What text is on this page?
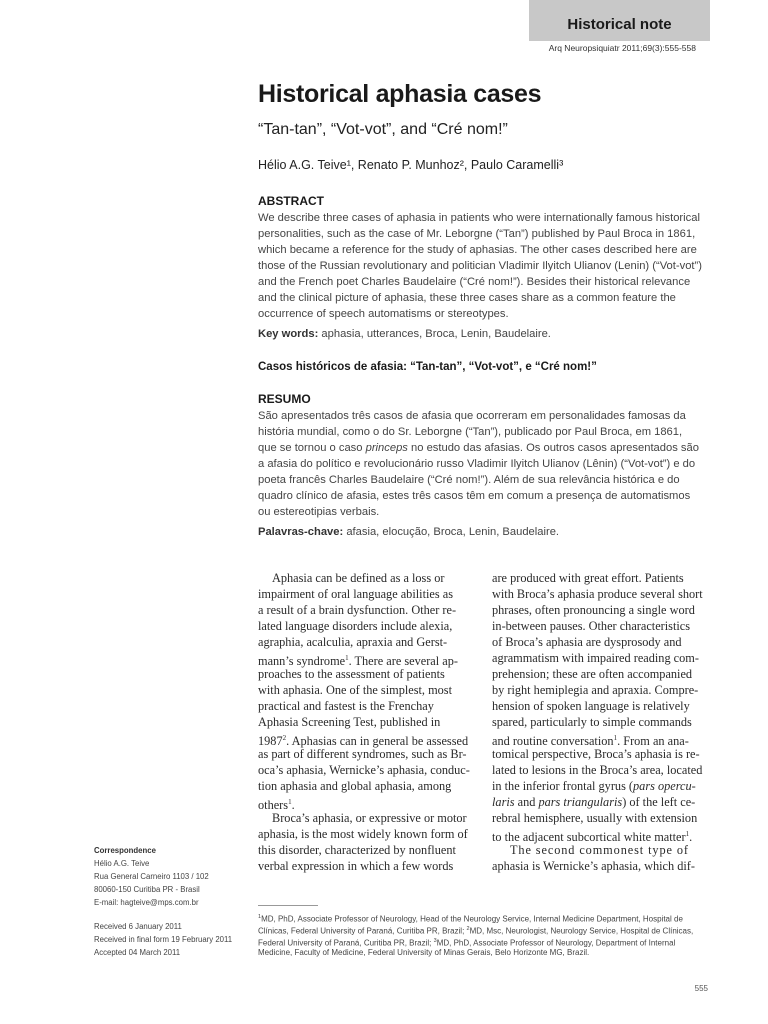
Historical note
Arq Neuropsiquiatr 2011;69(3):555-558
Historical aphasia cases
“Tan-tan”, “Vot-vot”, and “Cré nom!”
Hélio A.G. Teive¹, Renato P. Munhoz², Paulo Caramelli³
ABSTRACT
We describe three cases of aphasia in patients who were internationally famous historical
personalities, such as the case of Mr. Leborgne (“Tan”) published by Paul Broca in 1861,
which became a reference for the study of aphasias. The other cases described here are
those of the Russian revolutionary and politician Vladimir Ilyitch Ulianov (Lenin) (“Vot-vot”)
and the French poet Charles Baudelaire (“Cré nom!”). Besides their historical relevance
and the clinical picture of aphasia, these three cases share as a common feature the
occurrence of speech automatisms or stereotypes.
Key words: aphasia, utterances, Broca, Lenin, Baudelaire.
Casos históricos de afasia: “Tan-tan”, “Vot-vot”, e “Cré nom!”
RESUMO
São apresentados três casos de afasia que ocorreram em personalidades famosas da
história mundial, como o do Sr. Leborgne (“Tan”), publicado por Paul Broca, em 1861,
que se tornou o caso princeps no estudo das afasias. Os outros casos apresentados são
a afasia do político e revolucionário russo Vladimir Ilyitch Ulianov (Lênin) (“Vot-vot”) e do
poeta francês Charles Baudelaire (“Cré nom!”). Além de sua relevância histórica e do
quadro clínico de afasia, estes três casos têm em comum a presença de automatismos
ou estereotipias verbais.
Palavras-chave: afasia, elocução, Broca, Lenin, Baudelaire.
Aphasia can be defined as a loss or
impairment of oral language abilities as
a result of a brain dysfunction. Other re-
lated language disorders include alexia,
agraphia, acalculia, apraxia and Gerst-
mann’s syndrome$^1$. There are several ap-
proaches to the assessment of patients
with aphasia. One of the simplest, most
practical and fastest is the Frenchay
Aphasia Screening Test, published in
1987$^2$. Aphasias can in general be assessed
as part of different syndromes, such as Br-
oca’s aphasia, Wernicke’s aphasia, conduc-
tion aphasia and global aphasia, among
others$^1$.
Broca’s aphasia, or expressive or motor
aphasia, is the most widely known form of
this disorder, characterized by nonfluent
verbal expression in which a few words
are produced with great effort. Patients
with Broca’s aphasia produce several short
phrases, often pronouncing a single word
in-between pauses. Other characteristics
of Broca’s aphasia are dysprosody and
agrammatism with impaired reading com-
prehension; these are often accompanied
by right hemiplegia and apraxia. Compre-
hension of spoken language is relatively
spared, particularly to simple commands
and routine conversation$^1$. From an ana-
tomical perspective, Broca’s aphasia is re-
lated to lesions in the Broca’s area, located
in the inferior frontal gyrus (pars opercu-
laris and pars triangularis) of the left ce-
rebral hemisphere, usually with extension
to the adjacent subcortical white matter$^1$.
The second commonest type of
aphasia is Wernicke’s aphasia, which dif-
Correspondence
Hélio A.G. Teive
Rua General Carneiro 1103 / 102
80060-150 Curitiba PR - Brasil
E-mail: hagteive@mps.com.br
Received 6 January 2011
Received in final form 19 February 2011
Accepted 04 March 2011
$^1$MD, PhD, Associate Professor of Neurology, Head of the Neurology Service, Internal Medicine Department, Hospital de
Clínicas, Federal University of Paraná, Curitiba PR, Brazil; $^2$MD, Msc, Neurologist, Neurology Service, Hospital de Clínicas,
Federal University of Paraná, Curitiba PR, Brazil; $^3$MD, PhD, Associate Professor of Neurology, Department of Internal
Medicine, Faculty of Medicine, Federal University of Minas Gerais, Belo Horizonte MG, Brazil.
555
